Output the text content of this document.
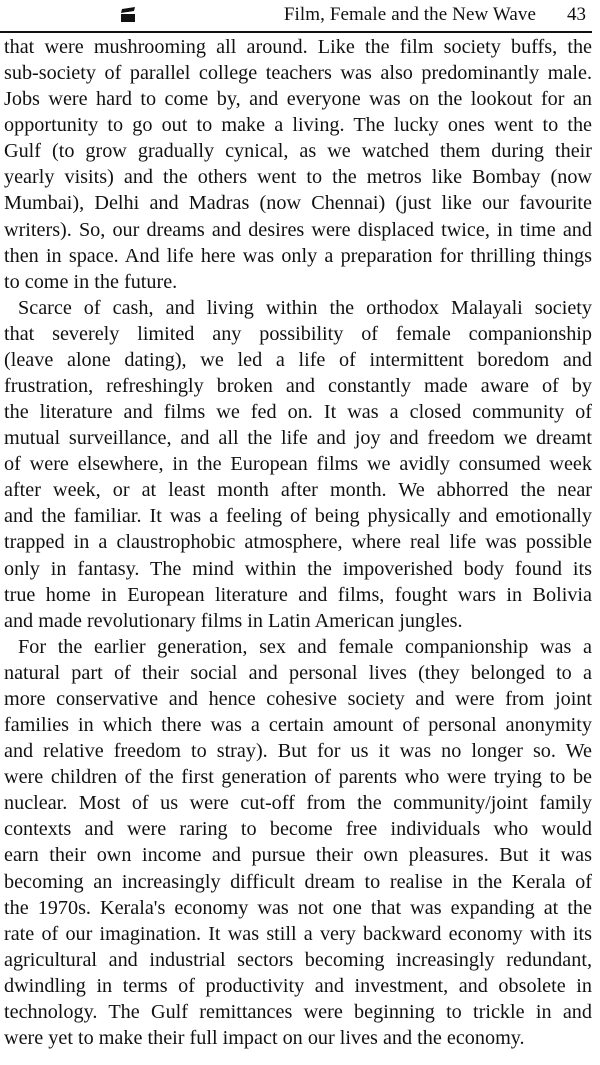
Film, Female and the New Wave 43

that were mushrooming all around. Like the film society buffs, the
sub-society of parallel college teachers was also predominantly male.
Jobs were hard to come by, and everyone was on the lookout for an
opportunity to go out to make a living. The lucky ones went to the
Gulf (to grow gradually cynical, as we watched them during their
yearly visits) and the others went to the metros like Bombay (now
Mumbai), Delhi and Madras (now Chennai) (just like our favourite
writers). So, our dreams and desires were displaced twice, in time and
then in space. And life here was only a preparation for thrilling things
to come in the future.

Scarce of cash, and living within the orthodox Malayali society
that severely limited any possibility of female companionship
(leave alone dating), we led a life of intermittent boredom and
frustration, refreshingly broken and constantly made aware of by
the literature and films we fed on. It was a closed community of
mutual surveillance, and all the life and joy and freedom we dreamt
of were elsewhere, in the European films we avidly consumed week
after week, or at least month after month. We abhorred the near
and the familiar. It was a feeling of being physically and emotionally
trapped in a claustrophobic atmosphere, where real life was possible
only in fantasy. The mind within the impoverished body found its
true home in European literature and films, fought wars in Bolivia
and made revolutionary films in Latin American jungles.

For the earlier generation, sex and female companionship was a
natural part of their social and personal lives (they belonged to a
more conservative and hence cohesive society and were from joint
families in which there was a certain amount of personal anonymity
and relative freedom to stray). But for us it was no longer so. We
were children of the first generation of parents who were trying to be
nuclear. Most of us were cut-off from the community/joint family
contexts and were raring to become free individuals who would
earn their own income and pursue their own pleasures. But it was
becoming an increasingly difficult dream to realise in the Kerala of
the 1970s. Kerala's economy was not one that was expanding at the
rate of our imagination. It was still a very backward economy with its
agricultural and industrial sectors becoming increasingly redundant,
dwindling in terms of productivity and investment, and obsolete in
technology. The Gulf remittances were beginning to trickle in and
were yet to make their full impact on our lives and the economy.
